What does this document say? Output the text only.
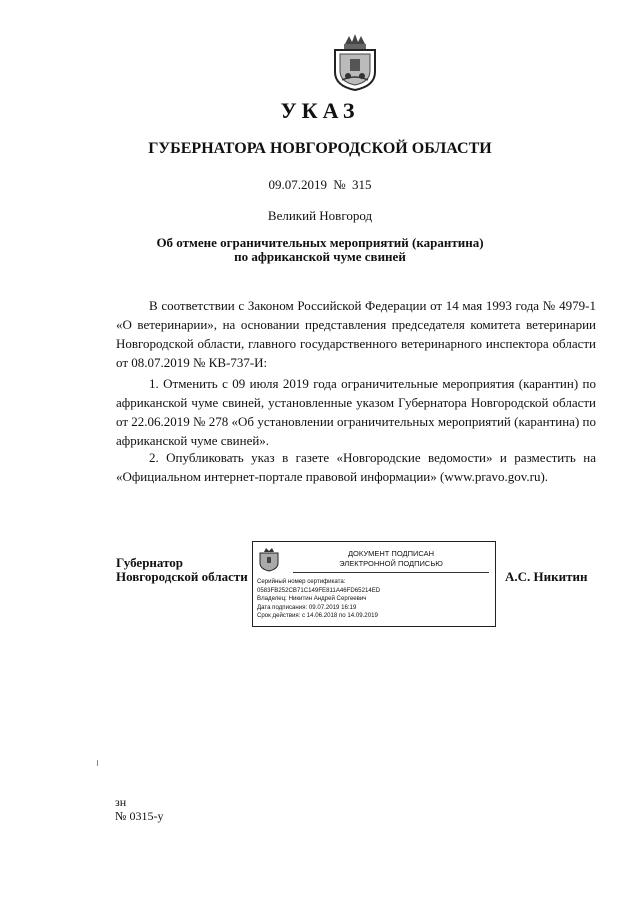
УКАЗ
ГУБЕРНАТОРА НОВГОРОДСКОЙ ОБЛАСТИ
09.07.2019 № 315
Великий Новгород
Об отмене ограничительных мероприятий (карантина)
по африканской чуме свиней
В соответствии с Законом Российской Федерации от 14 мая 1993 года № 4979-1 «О ветеринарии», на основании представления председателя комитета ветеринарии Новгородской области, главного государственного ветеринарного инспектора области от 08.07.2019 № КВ-737-И:
1. Отменить с 09 июля 2019 года ограничительные мероприятия (карантин) по африканской чуме свиней, установленные указом Губернатора Новгородской области от 22.06.2019 № 278 «Об установлении ограничительных мероприятий (карантина) по африканской чуме свиней».
2. Опубликовать указ в газете «Новгородские ведомости» и разместить на «Официальном интернет-портале правовой информации» (www.pravo.gov.ru).
Губернатор
Новгородской области
ДОКУМЕНТ ПОДПИСАН
ЭЛЕКТРОННОЙ ПОДПИСЬЮ
Серийный номер сертификата:
0583FB252CB71C149FE811A46FD65214ED
Владелец: Никитин Андрей Сергеевич
Дата подписания: 09.07.2019 16:19
Срок действия: с 14.06.2018 по 14.09.2019
А.С. Никитин
зн
№ 0315-у
